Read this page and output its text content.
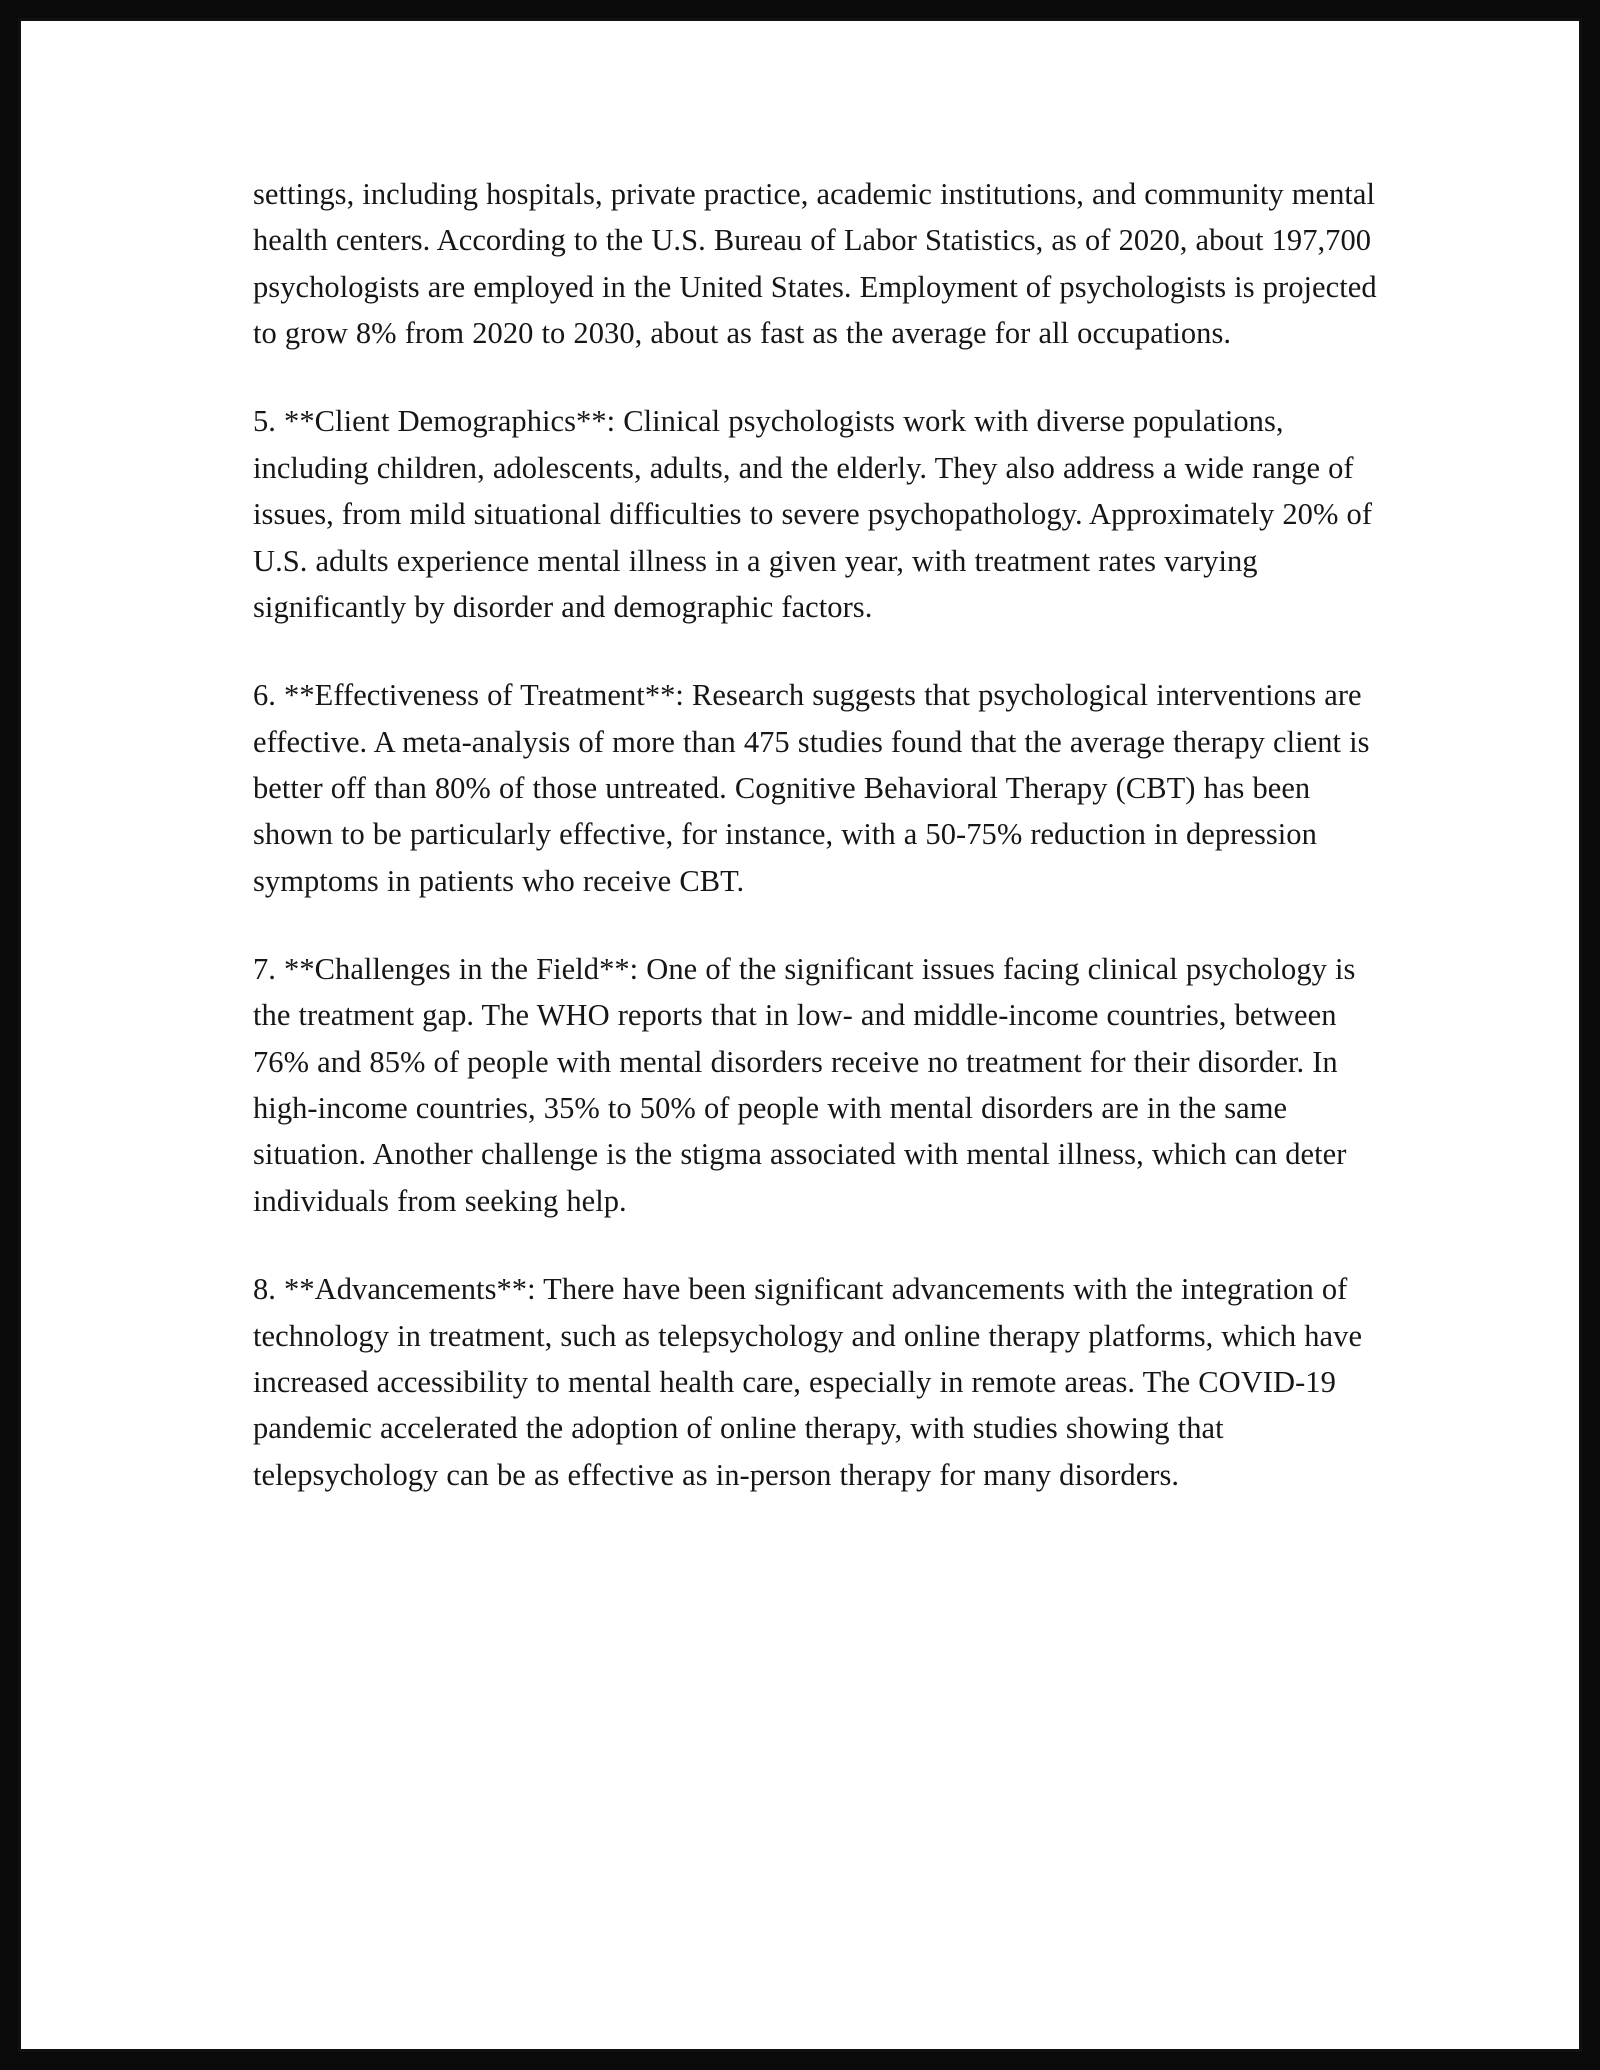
settings, including hospitals, private practice, academic institutions, and community mental health centers. According to the U.S. Bureau of Labor Statistics, as of 2020, about 197,700 psychologists are employed in the United States. Employment of psychologists is projected to grow 8% from 2020 to 2030, about as fast as the average for all occupations.

5. **Client Demographics**: Clinical psychologists work with diverse populations, including children, adolescents, adults, and the elderly. They also address a wide range of issues, from mild situational difficulties to severe psychopathology. Approximately 20% of U.S. adults experience mental illness in a given year, with treatment rates varying significantly by disorder and demographic factors.

6. **Effectiveness of Treatment**: Research suggests that psychological interventions are effective. A meta-analysis of more than 475 studies found that the average therapy client is better off than 80% of those untreated. Cognitive Behavioral Therapy (CBT) has been shown to be particularly effective, for instance, with a 50-75% reduction in depression symptoms in patients who receive CBT.

7. **Challenges in the Field**: One of the significant issues facing clinical psychology is the treatment gap. The WHO reports that in low- and middle-income countries, between 76% and 85% of people with mental disorders receive no treatment for their disorder. In high-income countries, 35% to 50% of people with mental disorders are in the same situation. Another challenge is the stigma associated with mental illness, which can deter individuals from seeking help.

8. **Advancements**: There have been significant advancements with the integration of technology in treatment, such as telepsychology and online therapy platforms, which have increased accessibility to mental health care, especially in remote areas. The COVID-19 pandemic accelerated the adoption of online therapy, with studies showing that telepsychology can be as effective as in-person therapy for many disorders.
